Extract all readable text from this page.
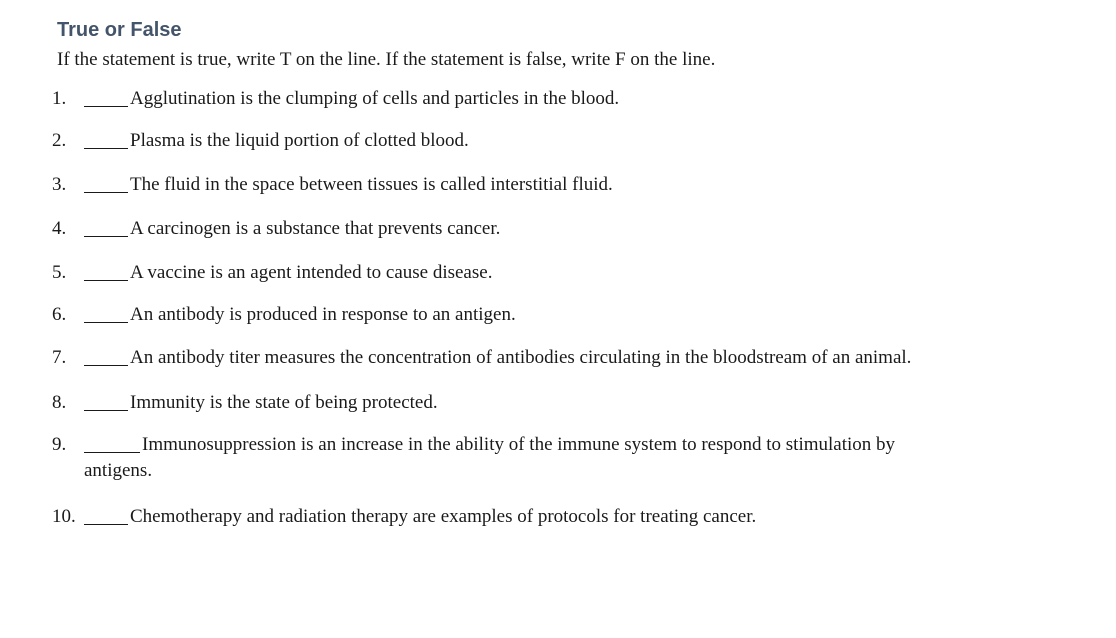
True or False

If the statement is true, write T on the line. If the statement is false, write F on the line.

1.	Agglutination is the clumping of cells and particles in the blood.
2.	Plasma is the liquid portion of clotted blood.
3.	The fluid in the space between tissues is called interstitial fluid.
4.	A carcinogen is a substance that prevents cancer.
5.	A vaccine is an agent intended to cause disease.
6.	An antibody is produced in response to an antigen.
7.	An antibody titer measures the concentration of antibodies circulating in the bloodstream of an animal.
8.	Immunity is the state of being protected.
9.	Immunosuppression is an increase in the ability of the immune system to respond to stimulation by
antigens.
10.	Chemotherapy and radiation therapy are examples of protocols for treating cancer.
